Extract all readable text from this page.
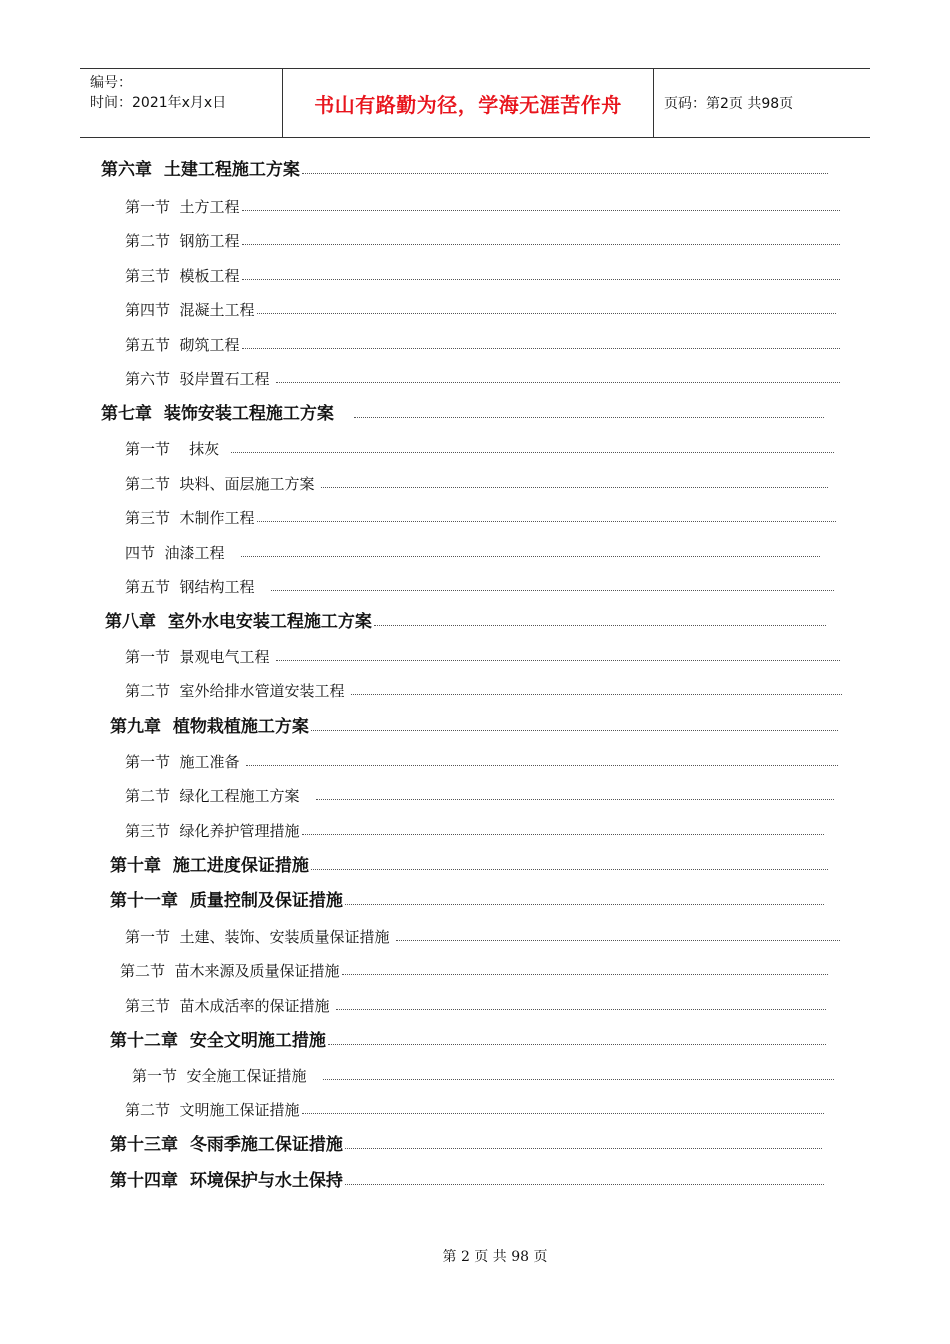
编号：
时间：2021年x月x日	书山有路勤为径，学海无涯苦作舟	页码：第2页 共98页
第六章  土建工程施工方案
第一节  土方工程
第二节  钢筋工程
第三节  模板工程
第四节  混凝土工程
第五节  砌筑工程
第六节  驳岸置石工程
第七章  装饰安装工程施工方案
第一节    抹灰
第二节  块料、面层施工方案
第三节  木制作工程
四节  油漆工程
第五节  钢结构工程
第八章  室外水电安装工程施工方案
第一节  景观电气工程
第二节  室外给排水管道安装工程
第九章  植物栽植施工方案
第一节  施工准备
第二节  绿化工程施工方案
第三节  绿化养护管理措施
第十章  施工进度保证措施
第十一章  质量控制及保证措施
第一节  土建、装饰、安装质量保证措施
第二节  苗木来源及质量保证措施
第三节  苗木成活率的保证措施
第十二章  安全文明施工措施
第一节  安全施工保证措施
第二节  文明施工保证措施
第十三章  冬雨季施工保证措施
第十四章  环境保护与水土保持
第 2 页 共 98 页
